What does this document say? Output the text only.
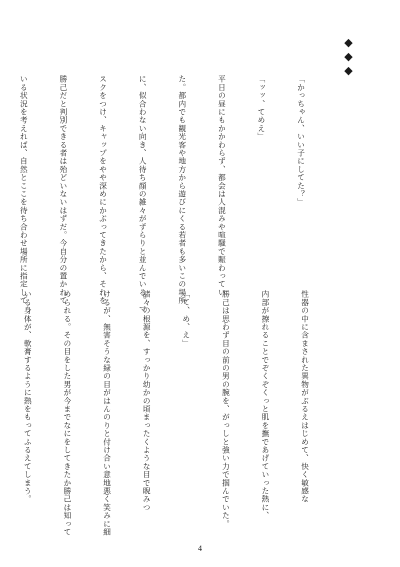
◆◆◆

「かっちゃん、いい子にしてた？」

「ッッ、てめえ」

平日の昼にもかかわらず、都会は人混みや喧騒で賑わってい

た。都内でも観光客や地方から遊びにくる若者も多いこの場所

に、似合わない向き、人待ち顔の雑々がずらりと並んでいる。マ

スクをつけ、キャップをやや深めにかぶってきたから、それを

勝己だと判別できる者は殆どいないはずだ。今自分の置かれて

いる状況を考えれば、自然とここを待ち合わせ場所に指定して

性器の中に含まされた異物がぶるえはじめて、快く敏感な

内部が擦れることでぞくぞくっと肌を撫であげていった熱に、

勝己は思わず目の前の男の腕を、がっしと強い力で掴んでいた。

「て、め、え」

諸々の根源を、すっかり幼かの頃まったくような目で睨みつ

けるが、無害そうな緑の目がはんのりと付け合い意地悪く笑みに細

められる。その目をした男が今までなにをしてきたか勝己は知って

いる身体が、軟膏するように熱をもってふるえてしまう。

4
